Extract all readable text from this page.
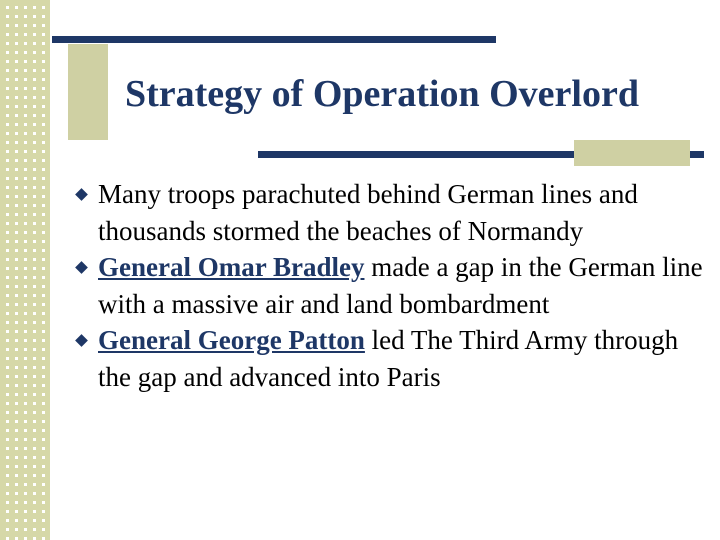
Strategy of Operation Overlord
Many troops parachuted behind German lines and thousands stormed the beaches of Normandy
General Omar Bradley made a gap in the German line with a massive air and land bombardment
General George Patton led The Third Army through the gap and advanced into Paris
